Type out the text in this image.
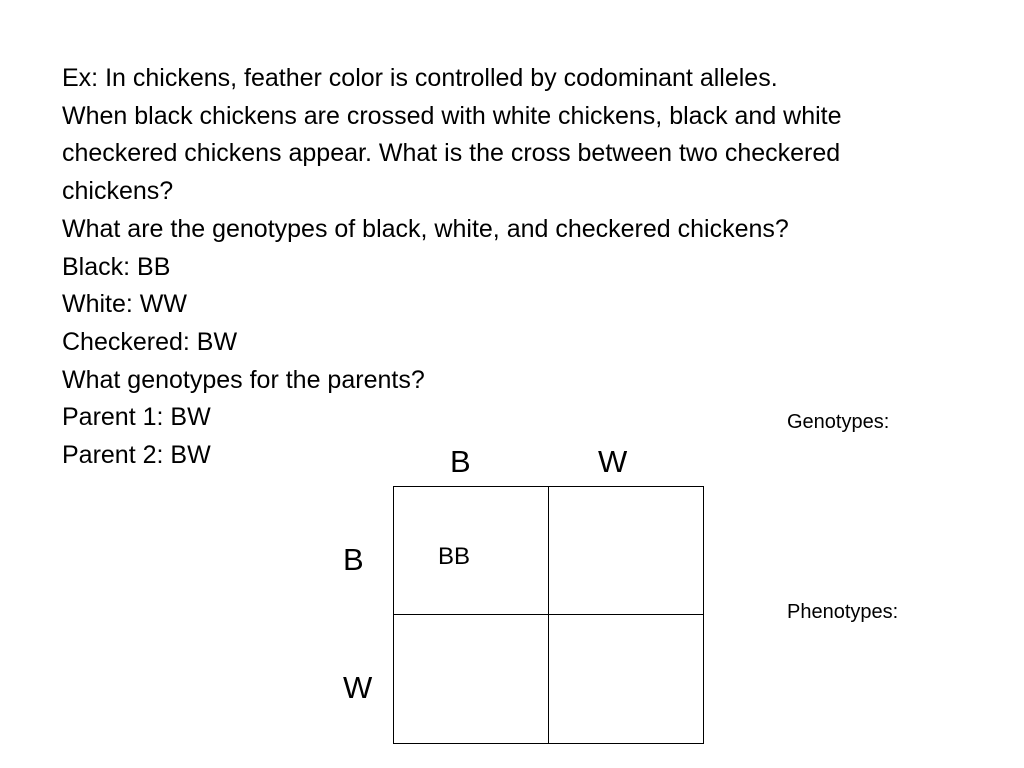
Ex: In chickens, feather color is controlled by codominant alleles.
When black chickens are crossed with white chickens, black and white
checkered chickens appear. What is the cross between two checkered
chickens?
What are the genotypes of black, white, and checkered chickens?
Black: BB
White: WW
Checkered: BW
What genotypes for the parents?
Parent 1: BW
Parent 2: BW
Genotypes:
Phenotypes:
B	W
B
W
BB
